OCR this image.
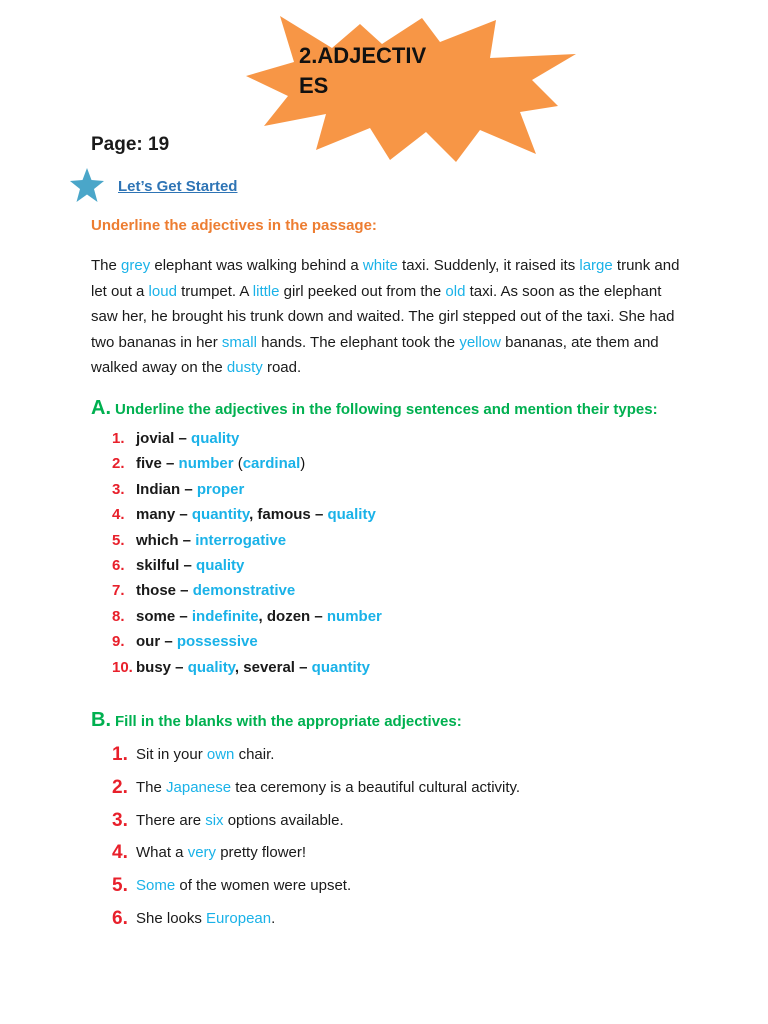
2.ADJECTIVES
Page: 19
Let’s Get Started
Underline the adjectives in the passage:
The grey elephant was walking behind a white taxi. Suddenly, it raised its large trunk and let out a loud trumpet. A little girl peeked out from the old taxi. As soon as the elephant saw her, he brought his trunk down and waited. The girl stepped out of the taxi. She had two bananas in her small hands. The elephant took the yellow bananas, ate them and walked away on the dusty road.
A. Underline the adjectives in the following sentences and mention their types:
1. jovial – quality
2. five – number (cardinal)
3. Indian – proper
4. many – quantity, famous – quality
5. which – interrogative
6. skilful – quality
7. those – demonstrative
8. some – indefinite, dozen – number
9. our – possessive
10. busy – quality, several – quantity
B. Fill in the blanks with the appropriate adjectives:
1. Sit in your own chair.
2. The Japanese tea ceremony is a beautiful cultural activity.
3. There are six options available.
4. What a very pretty flower!
5. Some of the women were upset.
6. She looks European.
